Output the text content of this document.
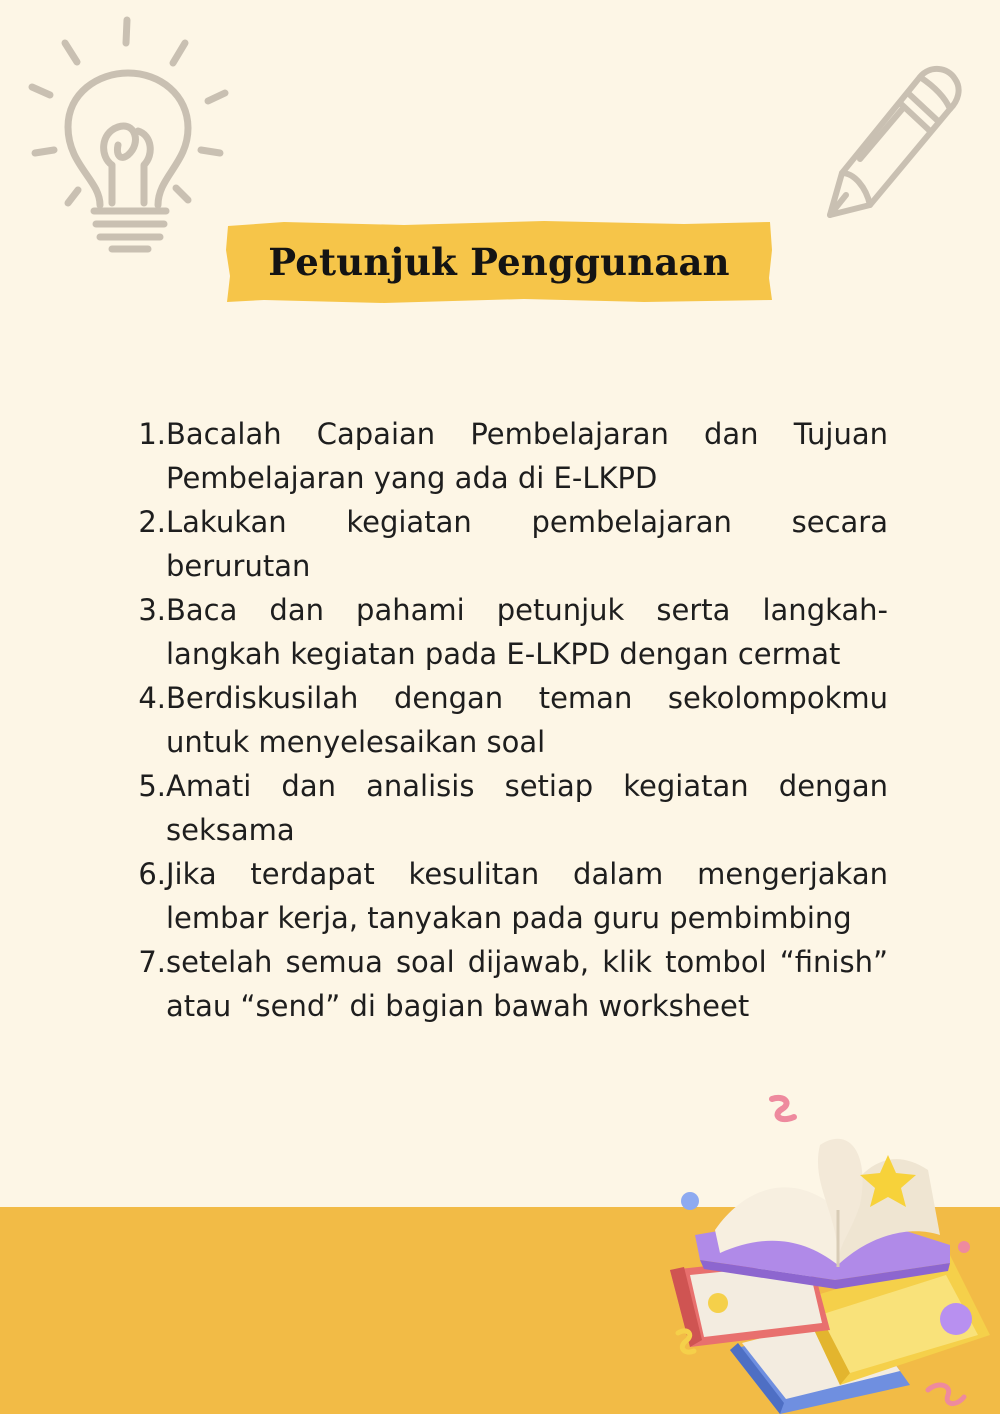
Petunjuk Penggunaan
1. Bacalah Capaian Pembelajaran dan Tujuan Pembelajaran yang ada di E-LKPD
2. Lakukan kegiatan pembelajaran secara berurutan
3. Baca dan pahami petunjuk serta langkah-langkah kegiatan pada E-LKPD dengan cermat
4. Berdiskusilah dengan teman sekolompokmu untuk menyelesaikan soal
5. Amati dan analisis setiap kegiatan dengan seksama
6. Jika terdapat kesulitan dalam mengerjakan lembar kerja, tanyakan pada guru pembimbing
7. setelah semua soal dijawab, klik tombol “finish” atau “send” di bagian bawah worksheet
